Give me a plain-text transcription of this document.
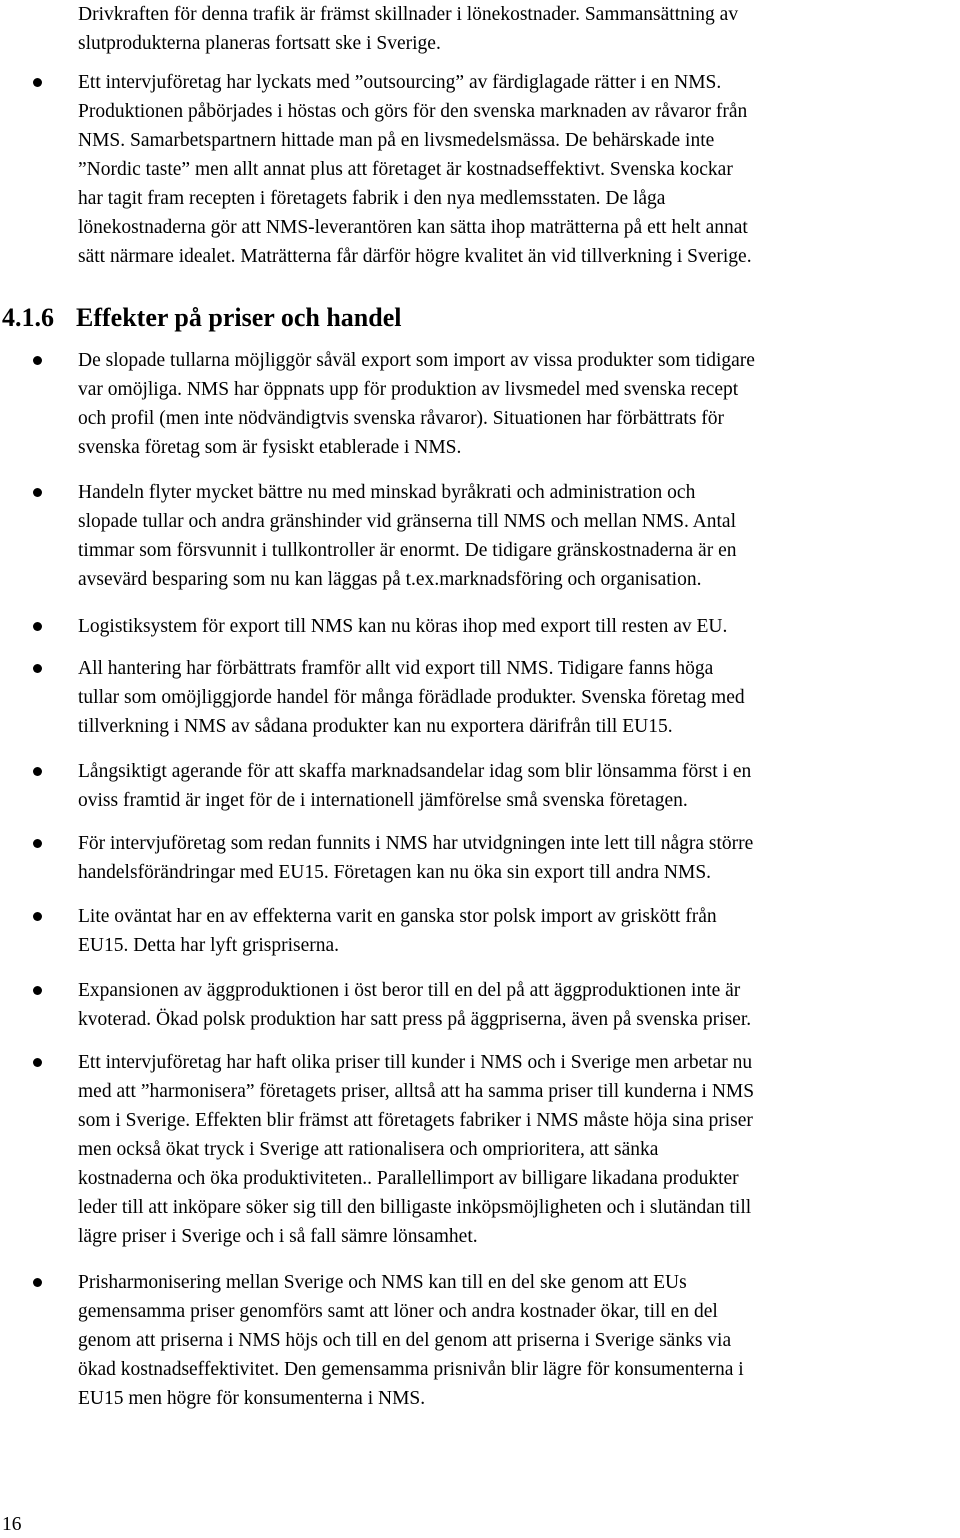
Drivkraften för denna trafik är främst skillnader i lönekostnader. Sammansättning av
slutprodukterna planeras fortsatt ske i Sverige.

Ett intervjuföretag har lyckats med ”outsourcing” av färdiglagade rätter i en NMS.
Produktionen påbörjades i höstas och görs för den svenska marknaden av råvaror från
NMS. Samarbetspartnern hittade man på en livsmedelsmässa. De behärskade inte
”Nordic taste” men allt annat plus att företaget är kostnadseffektivt. Svenska kockar
har tagit fram recepten i företagets fabrik i den nya medlemsstaten. De låga
lönekostnaderna gör att NMS-leverantören kan sätta ihop maträtterna på ett helt annat
sätt närmare idealet. Maträtterna får därför högre kvalitet än vid tillverkning i Sverige.

4.1.6 Effekter på priser och handel

De slopade tullarna möjliggör såväl export som import av vissa produkter som tidigare
var omöjliga. NMS har öppnats upp för produktion av livsmedel med svenska recept
och profil (men inte nödvändigtvis svenska råvaror). Situationen har förbättrats för
svenska företag som är fysiskt etablerade i NMS.

Handeln flyter mycket bättre nu med minskad byråkrati och administration och
slopade tullar och andra gränshinder vid gränserna till NMS och mellan NMS. Antal
timmar som försvunnit i tullkontroller är enormt. De tidigare gränskostnaderna är en
avsevärd besparing som nu kan läggas på t.ex.marknadsföring och organisation.

Logistiksystem för export till NMS kan nu köras ihop med export till resten av EU.

All hantering har förbättrats framför allt vid export till NMS. Tidigare fanns höga
tullar som omöjliggjorde handel för många förädlade produkter. Svenska företag med
tillverkning i NMS av sådana produkter kan nu exportera därifrån till EU15.

Långsiktigt agerande för att skaffa marknadsandelar idag som blir lönsamma först i en
oviss framtid är inget för de i internationell jämförelse små svenska företagen.

För intervjuföretag som redan funnits i NMS har utvidgningen inte lett till några större
handelsförändringar med EU15. Företagen kan nu öka sin export till andra NMS.

Lite oväntat har en av effekterna varit en ganska stor polsk import av griskött från
EU15. Detta har lyft grispriserna.

Expansionen av äggproduktionen i öst beror till en del på att äggproduktionen inte är
kvoterad. Ökad polsk produktion har satt press på äggpriserna, även på svenska priser.

Ett intervjuföretag har haft olika priser till kunder i NMS och i Sverige men arbetar nu
med att ”harmonisera” företagets priser, alltså att ha samma priser till kunderna i NMS
som i Sverige. Effekten blir främst att företagets fabriker i NMS måste höja sina priser
men också ökat tryck i Sverige att rationalisera och omprioritera, att sänka
kostnaderna och öka produktiviteten.. Parallellimport av billigare likadana produkter
leder till att inköpare söker sig till den billigaste inköpsmöjligheten och i slutändan till
lägre priser i Sverige och i så fall sämre lönsamhet.

Prisharmonisering mellan Sverige och NMS kan till en del ske genom att EUs
gemensamma priser genomförs samt att löner och andra kostnader ökar, till en del
genom att priserna i NMS höjs och till en del genom att priserna i Sverige sänks via
ökad kostnadseffektivitet. Den gemensamma prisnivån blir lägre för konsumenterna i
EU15 men högre för konsumenterna i NMS.

16
